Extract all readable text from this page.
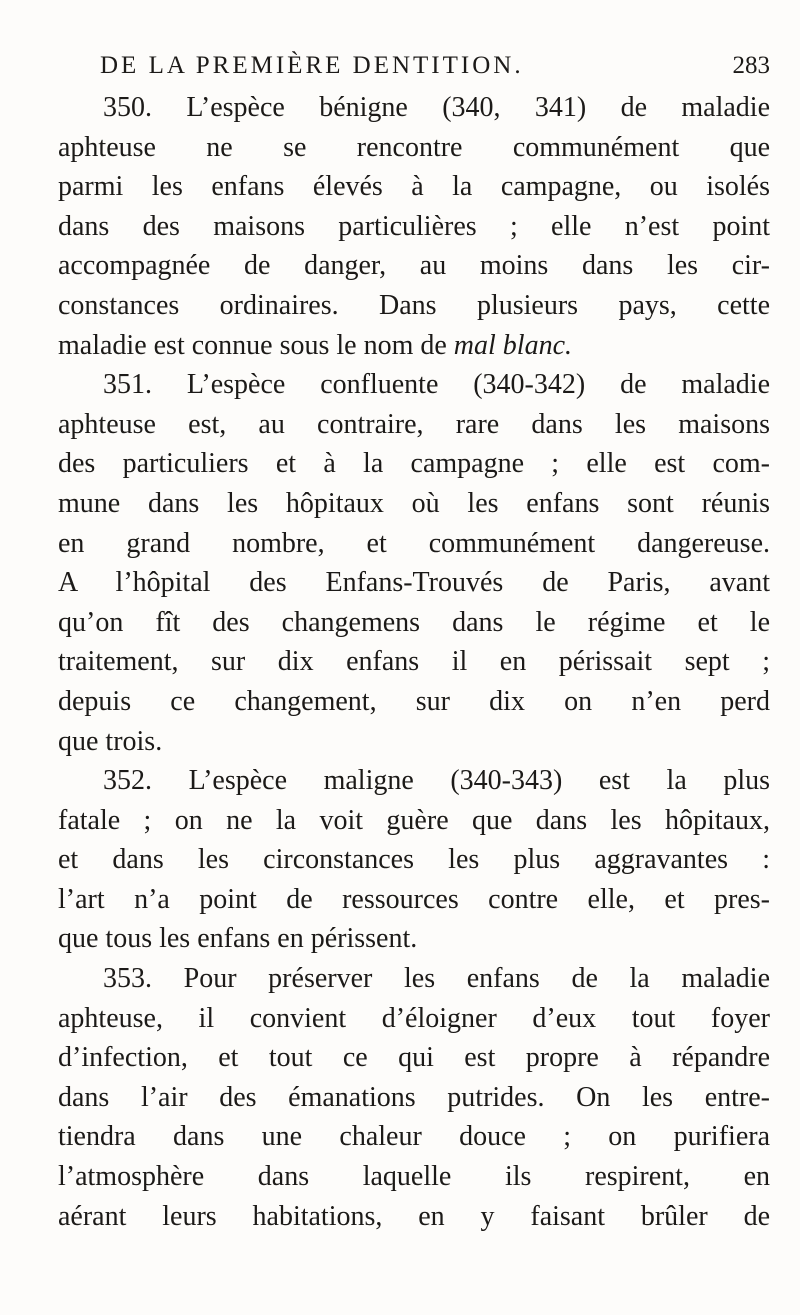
DE LA PREMIÈRE DENTITION.	283
350. L’espèce bénigne (340, 341) de maladie
aphteuse ne se rencontre communément que
parmi les enfans élevés à la campagne, ou isolés
dans des maisons particulières ; elle n’est point
accompagnée de danger, au moins dans les cir-
constances ordinaires. Dans plusieurs pays, cette
maladie est connue sous le nom de mal blanc.
351. L’espèce confluente (340-342) de maladie
aphteuse est, au contraire, rare dans les maisons
des particuliers et à la campagne ; elle est com-
mune dans les hôpitaux où les enfans sont réunis
en grand nombre, et communément dangereuse.
A l’hôpital des Enfans-Trouvés de Paris, avant
qu’on fît des changemens dans le régime et le
traitement, sur dix enfans il en périssait sept ;
depuis ce changement, sur dix on n’en perd
que trois.
352. L’espèce maligne (340-343) est la plus
fatale ; on ne la voit guère que dans les hôpitaux,
et dans les circonstances les plus aggravantes :
l’art n’a point de ressources contre elle, et pres-
que tous les enfans en périssent.
353. Pour préserver les enfans de la maladie
aphteuse, il convient d’éloigner d’eux tout foyer
d’infection, et tout ce qui est propre à répandre
dans l’air des émanations putrides. On les entre-
tiendra dans une chaleur douce ; on purifiera
l’atmosphère dans laquelle ils respirent, en
aérant leurs habitations, en y faisant brûler de
